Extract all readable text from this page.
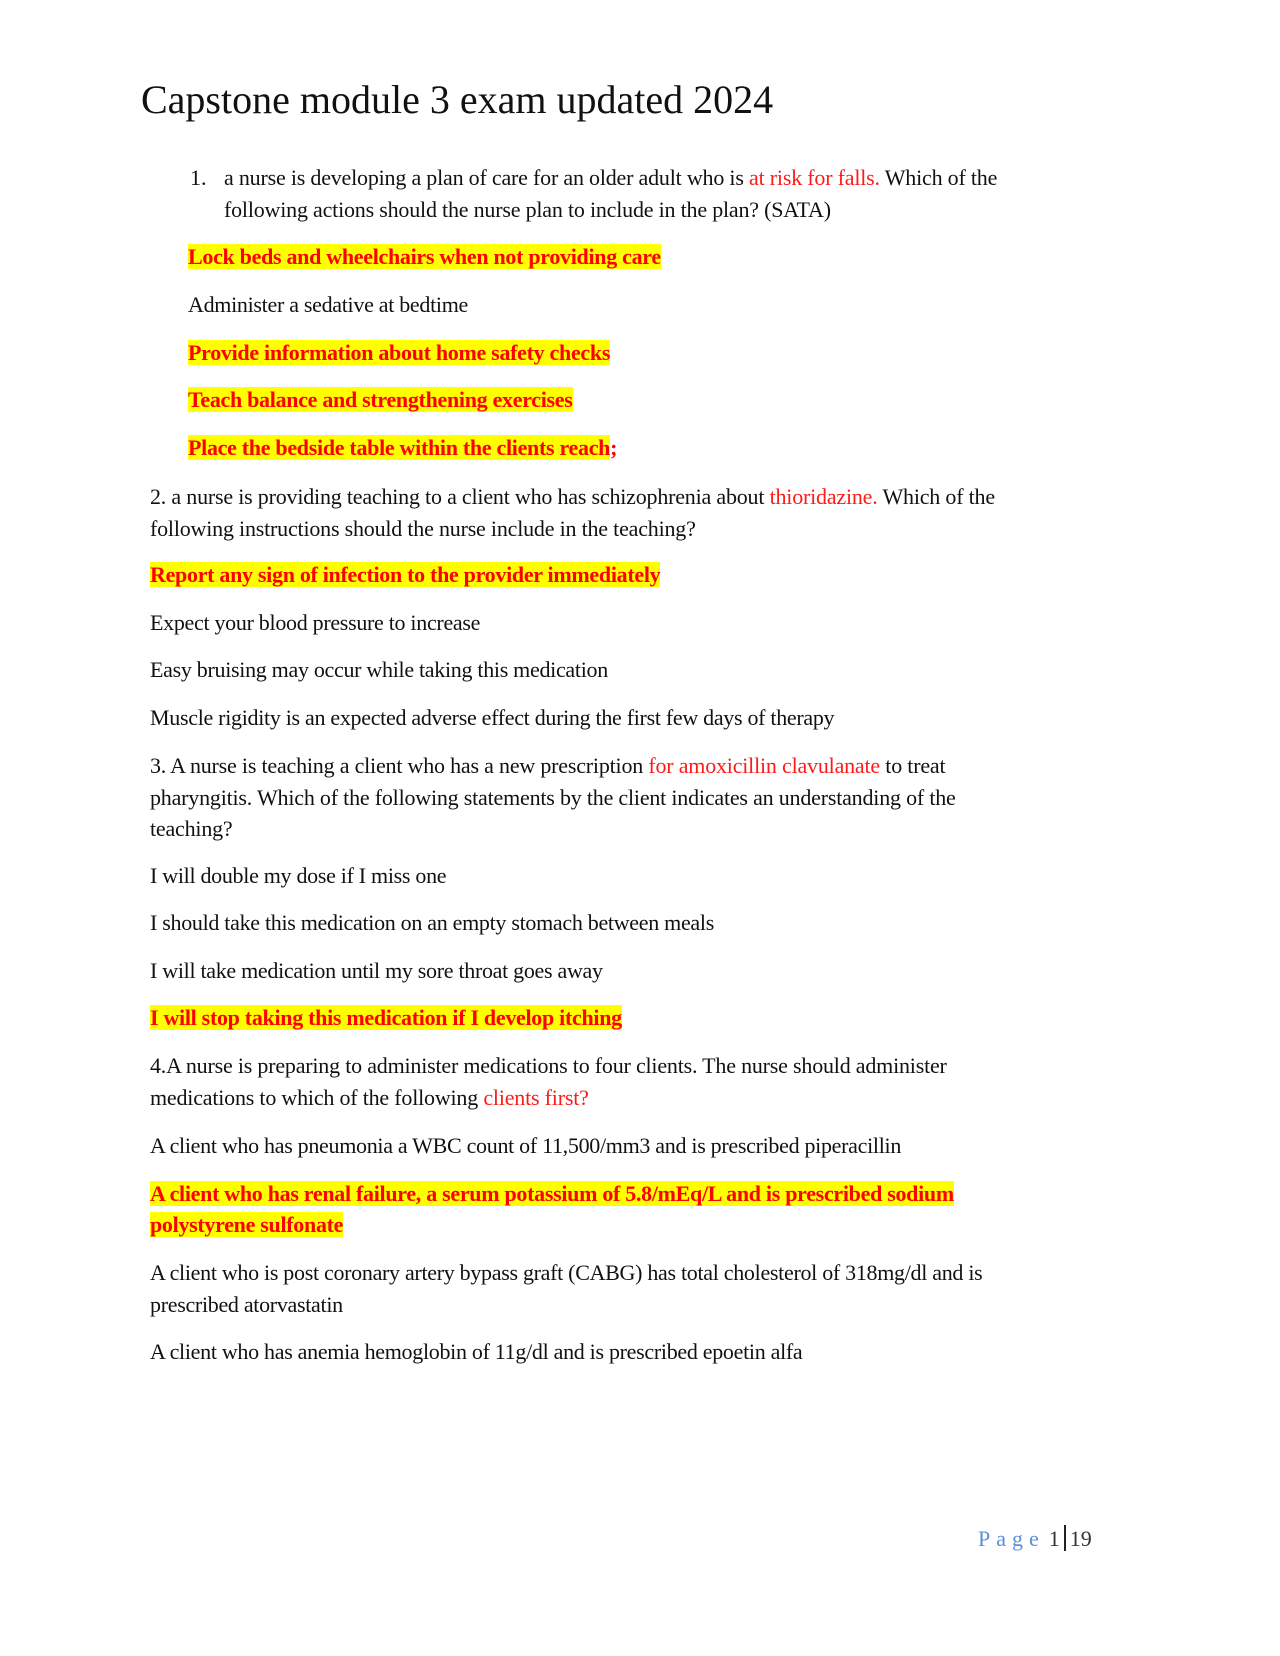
Capstone module 3 exam updated 2024
1. a nurse is developing a plan of care for an older adult who is at risk for falls. Which of the
following actions should the nurse plan to include in the plan? (SATA)
Lock beds and wheelchairs when not providing care
Administer a sedative at bedtime
Provide information about home safety checks
Teach balance and strengthening exercises
Place the bedside table within the clients reach;
2. a nurse is providing teaching to a client who has schizophrenia about thioridazine. Which of the
following instructions should the nurse include in the teaching?
Report any sign of infection to the provider immediately
Expect your blood pressure to increase
Easy bruising may occur while taking this medication
Muscle rigidity is an expected adverse effect during the first few days of therapy
3. A nurse is teaching a client who has a new prescription for amoxicillin clavulanate to treat
pharyngitis. Which of the following statements by the client indicates an understanding of the
teaching?
I will double my dose if I miss one
I should take this medication on an empty stomach between meals
I will take medication until my sore throat goes away
I will stop taking this medication if I develop itching
4.A nurse is preparing to administer medications to four clients. The nurse should administer
medications to which of the following clients first?
A client who has pneumonia a WBC count of 11,500/mm3 and is prescribed piperacillin
A client who has renal failure, a serum potassium of 5.8/mEq/L and is prescribed sodium
polystyrene sulfonate
A client who is post coronary artery bypass graft (CABG) has total cholesterol of 318mg/dl and is
prescribed atorvastatin
A client who has anemia hemoglobin of 11g/dl and is prescribed epoetin alfa
Page 1 19
